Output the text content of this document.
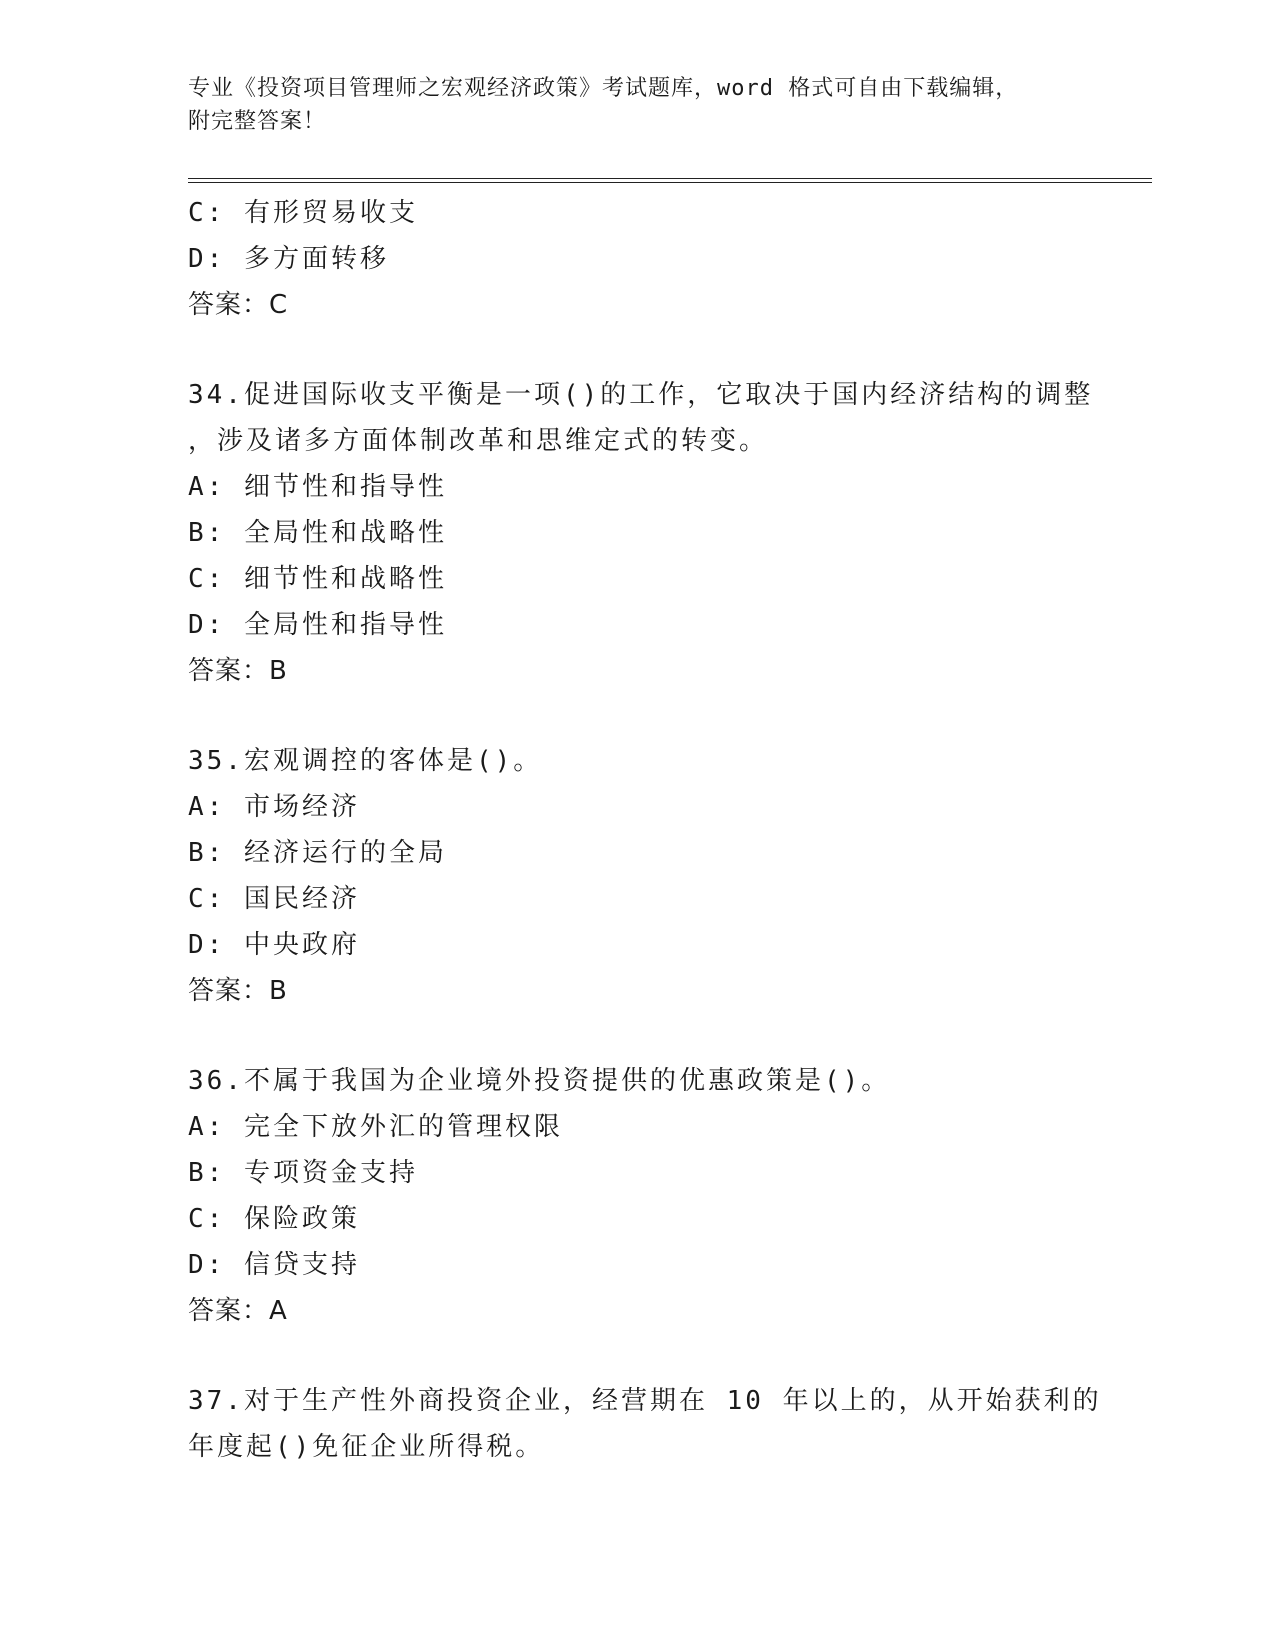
专业《投资项目管理师之宏观经济政策》考试题库，word 格式可自由下载编辑，
附完整答案！
C: 有形贸易收支
D: 多方面转移
答案：C
34.促进国际收支平衡是一项()的工作，它取决于国内经济结构的调整
，涉及诸多方面体制改革和思维定式的转变。
A: 细节性和指导性
B: 全局性和战略性
C: 细节性和战略性
D: 全局性和指导性
答案：B
35.宏观调控的客体是()。
A: 市场经济
B: 经济运行的全局
C: 国民经济
D: 中央政府
答案：B
36.不属于我国为企业境外投资提供的优惠政策是()。
A: 完全下放外汇的管理权限
B: 专项资金支持
C: 保险政策
D: 信贷支持
答案：A
37.对于生产性外商投资企业，经营期在 10 年以上的，从开始获利的
年度起()免征企业所得税。
